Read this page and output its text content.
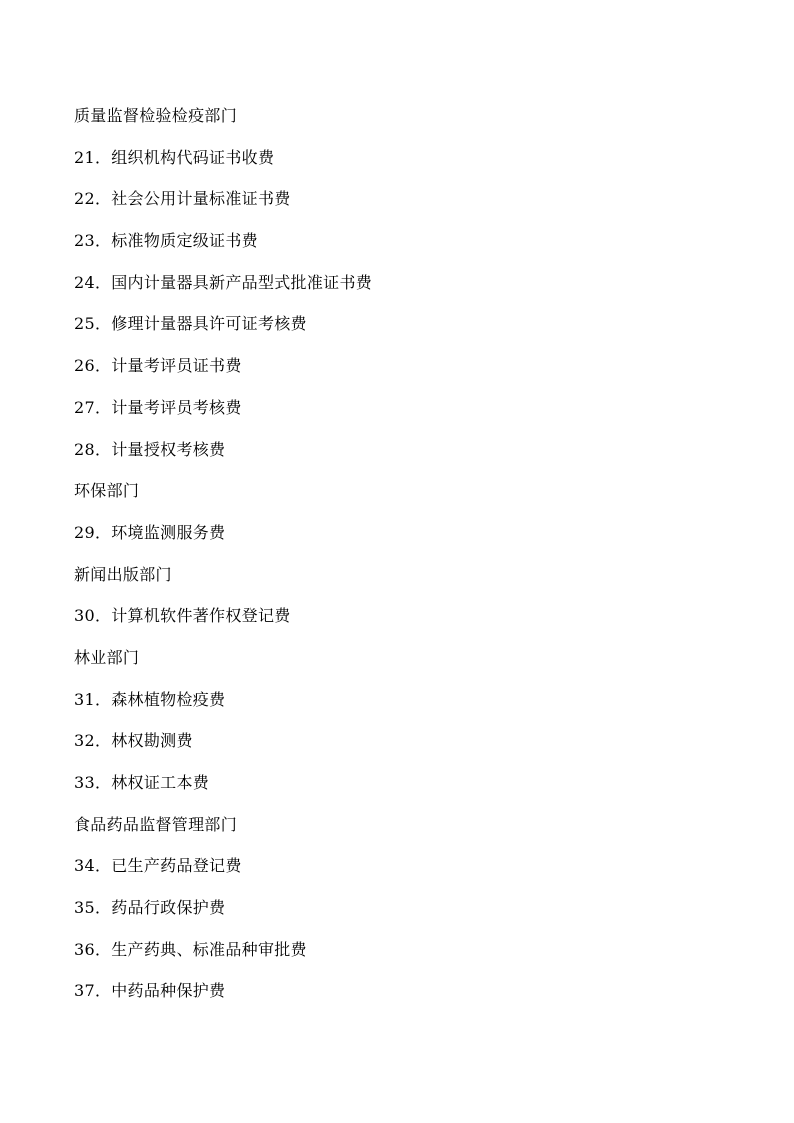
质量监督检验检疫部门
21．组织机构代码证书收费
22．社会公用计量标准证书费
23．标准物质定级证书费
24．国内计量器具新产品型式批准证书费
25．修理计量器具许可证考核费
26．计量考评员证书费
27．计量考评员考核费
28．计量授权考核费
环保部门
29．环境监测服务费
新闻出版部门
30．计算机软件著作权登记费
林业部门
31．森林植物检疫费
32．林权勘测费
33．林权证工本费
食品药品监督管理部门
34．已生产药品登记费
35．药品行政保护费
36．生产药典、标准品种审批费
37．中药品种保护费
